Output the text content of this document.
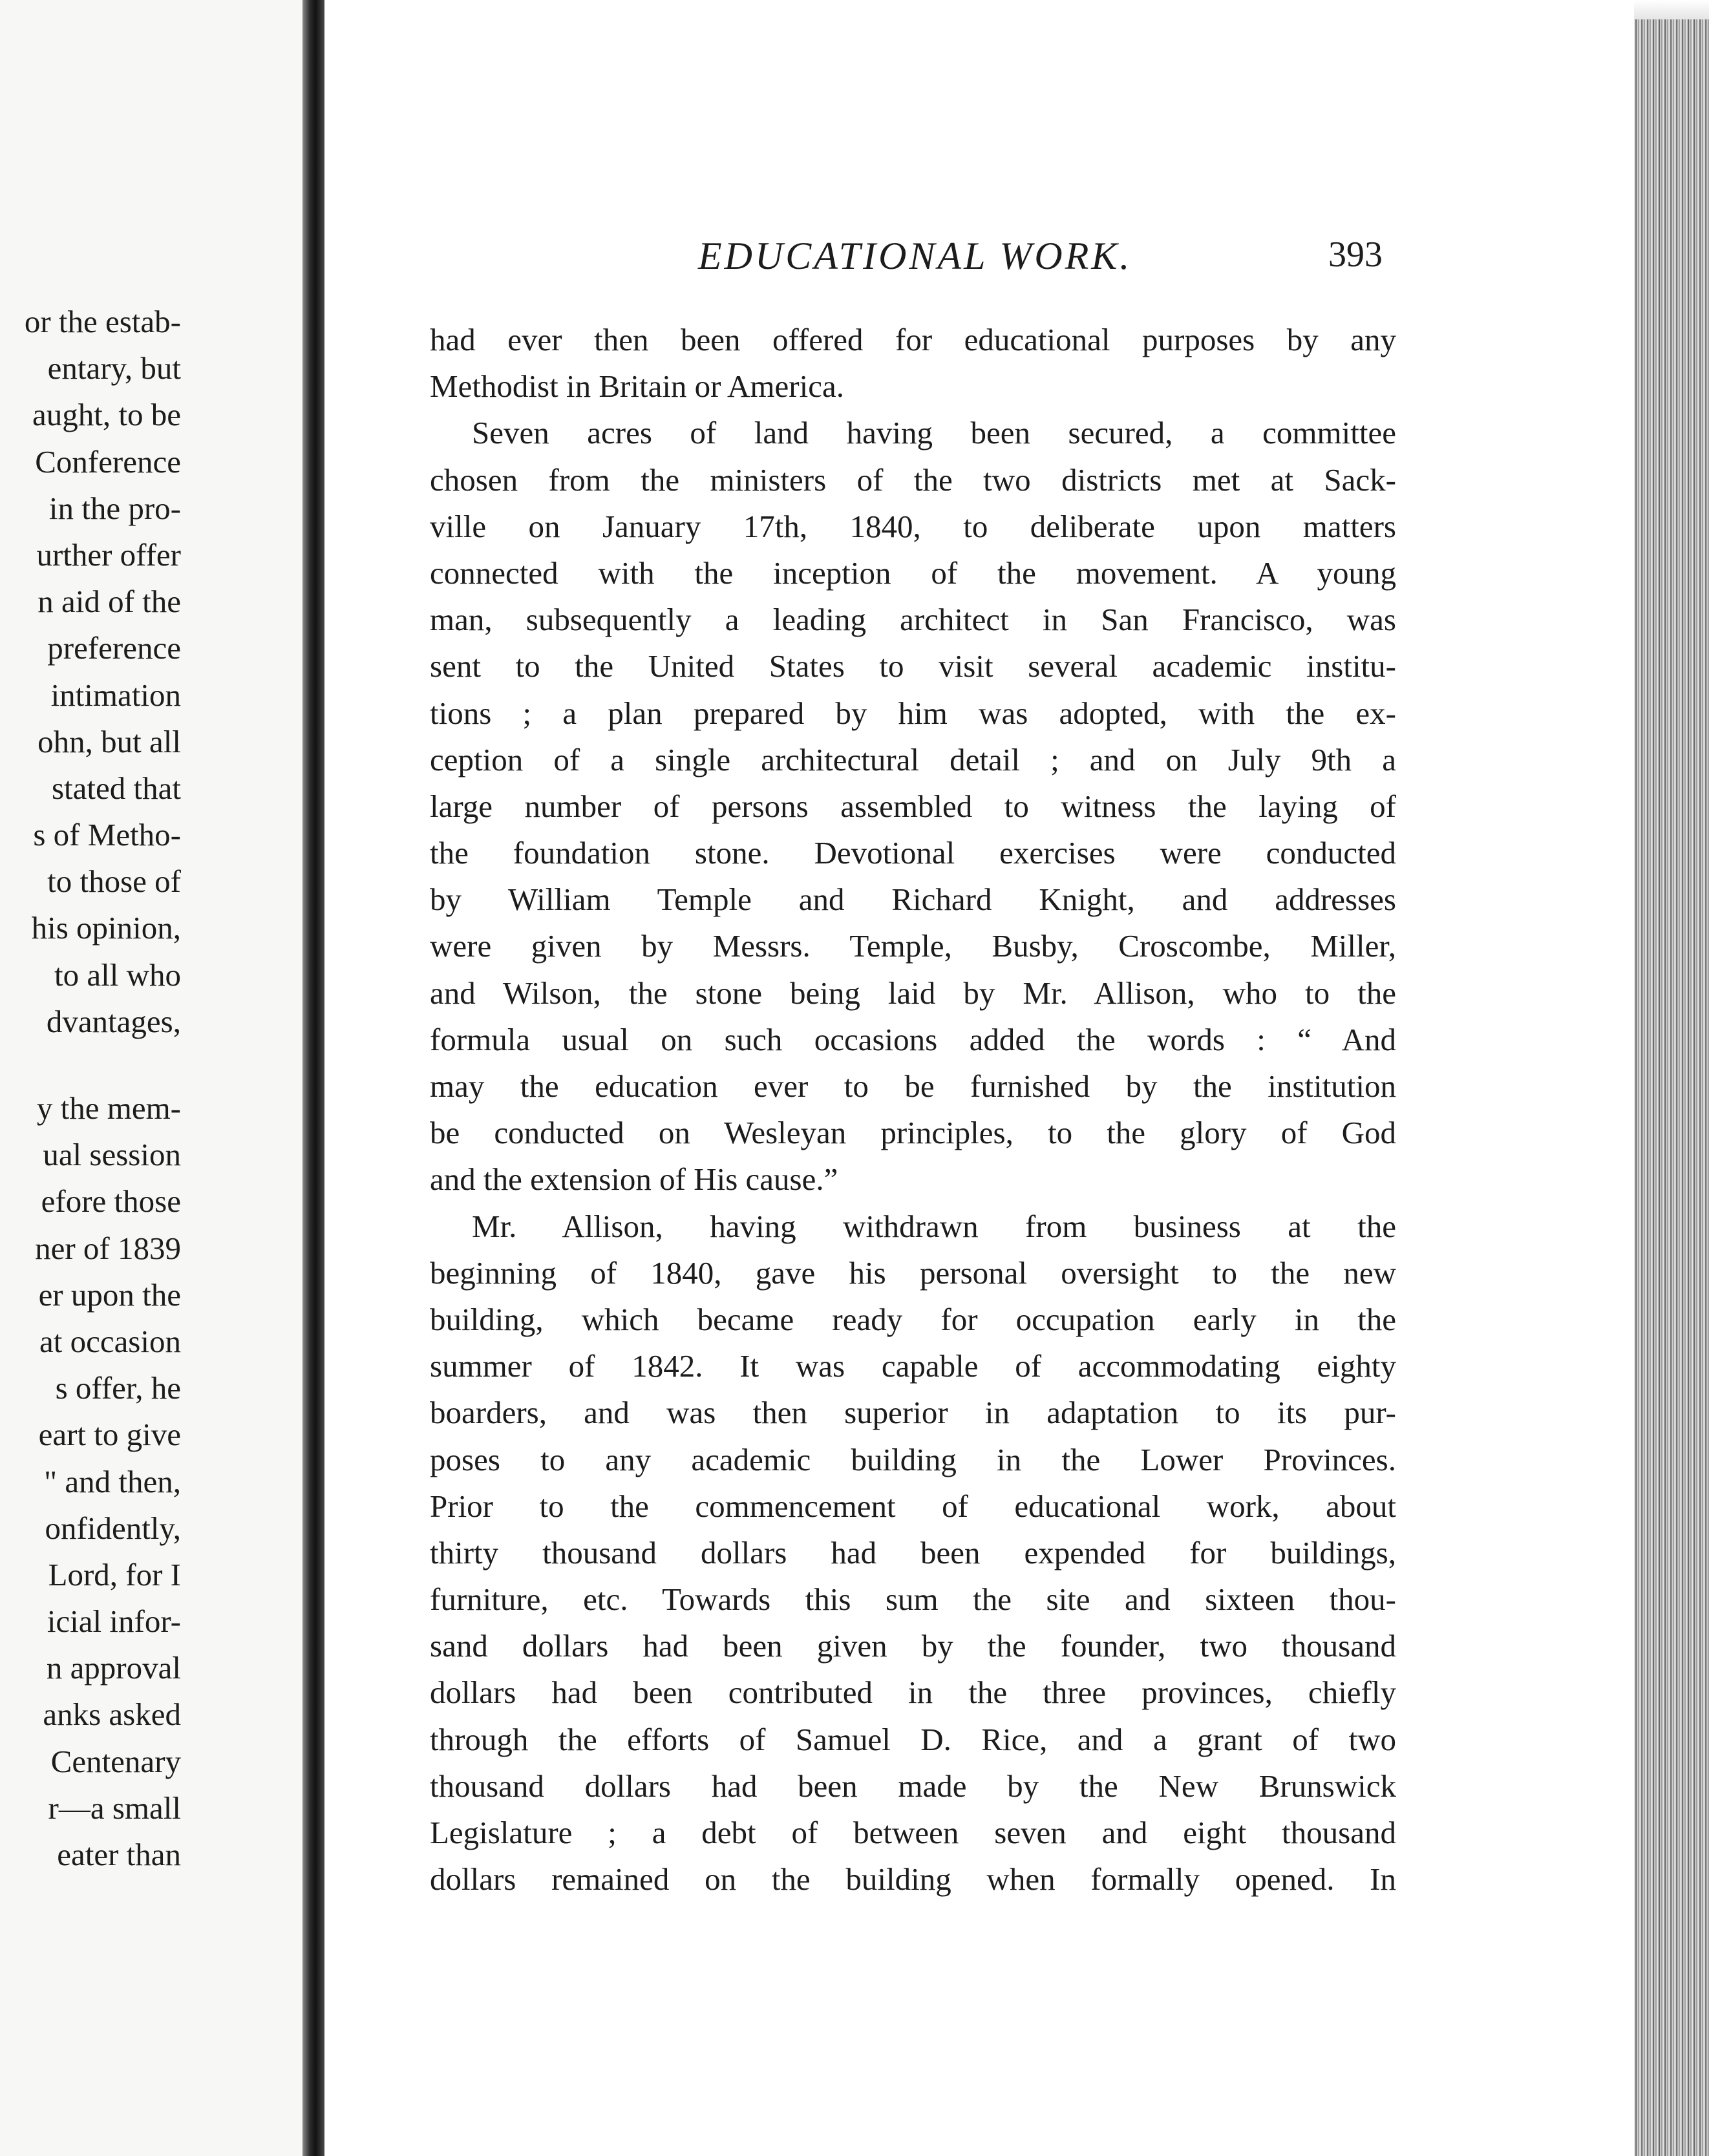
or the estab-
entary, but
aught, to be
Conference
in the pro-
urther offer
n aid of the
preference
intimation
ohn, but all
stated that
s of Metho-
to those of
his opinion,
to all who
dvantages,
y the mem-
ual session
efore those
ner of 1839
er upon the
at occasion
s offer, he
eart to give
" and then,
onfidently,
Lord, for I
icial infor-
n approval
anks asked
Centenary
r—a small
eater than
EDUCATIONAL WORK.	393
had ever then been offered for educational purposes by any
Methodist in Britain or America.
Seven acres of land having been secured, a committee
chosen from the ministers of the two districts met at Sack-
ville on January 17th, 1840, to deliberate upon matters
connected with the inception of the movement. A young
man, subsequently a leading architect in San Francisco, was
sent to the United States to visit several academic institu-
tions ; a plan prepared by him was adopted, with the ex-
ception of a single architectural detail ; and on July 9th a
large number of persons assembled to witness the laying of
the foundation stone. Devotional exercises were conducted
by William Temple and Richard Knight, and addresses
were given by Messrs. Temple, Busby, Croscombe, Miller,
and Wilson, the stone being laid by Mr. Allison, who to the
formula usual on such occasions added the words : “ And
may the education ever to be furnished by the institution
be conducted on Wesleyan principles, to the glory of God
and the extension of His cause.”
Mr. Allison, having withdrawn from business at the
beginning of 1840, gave his personal oversight to the new
building, which became ready for occupation early in the
summer of 1842. It was capable of accommodating eighty
boarders, and was then superior in adaptation to its pur-
poses to any academic building in the Lower Provinces.
Prior to the commencement of educational work, about
thirty thousand dollars had been expended for buildings,
furniture, etc. Towards this sum the site and sixteen thou-
sand dollars had been given by the founder, two thousand
dollars had been contributed in the three provinces, chiefly
through the efforts of Samuel D. Rice, and a grant of two
thousand dollars had been made by the New Brunswick
Legislature ; a debt of between seven and eight thousand
dollars remained on the building when formally opened. In
